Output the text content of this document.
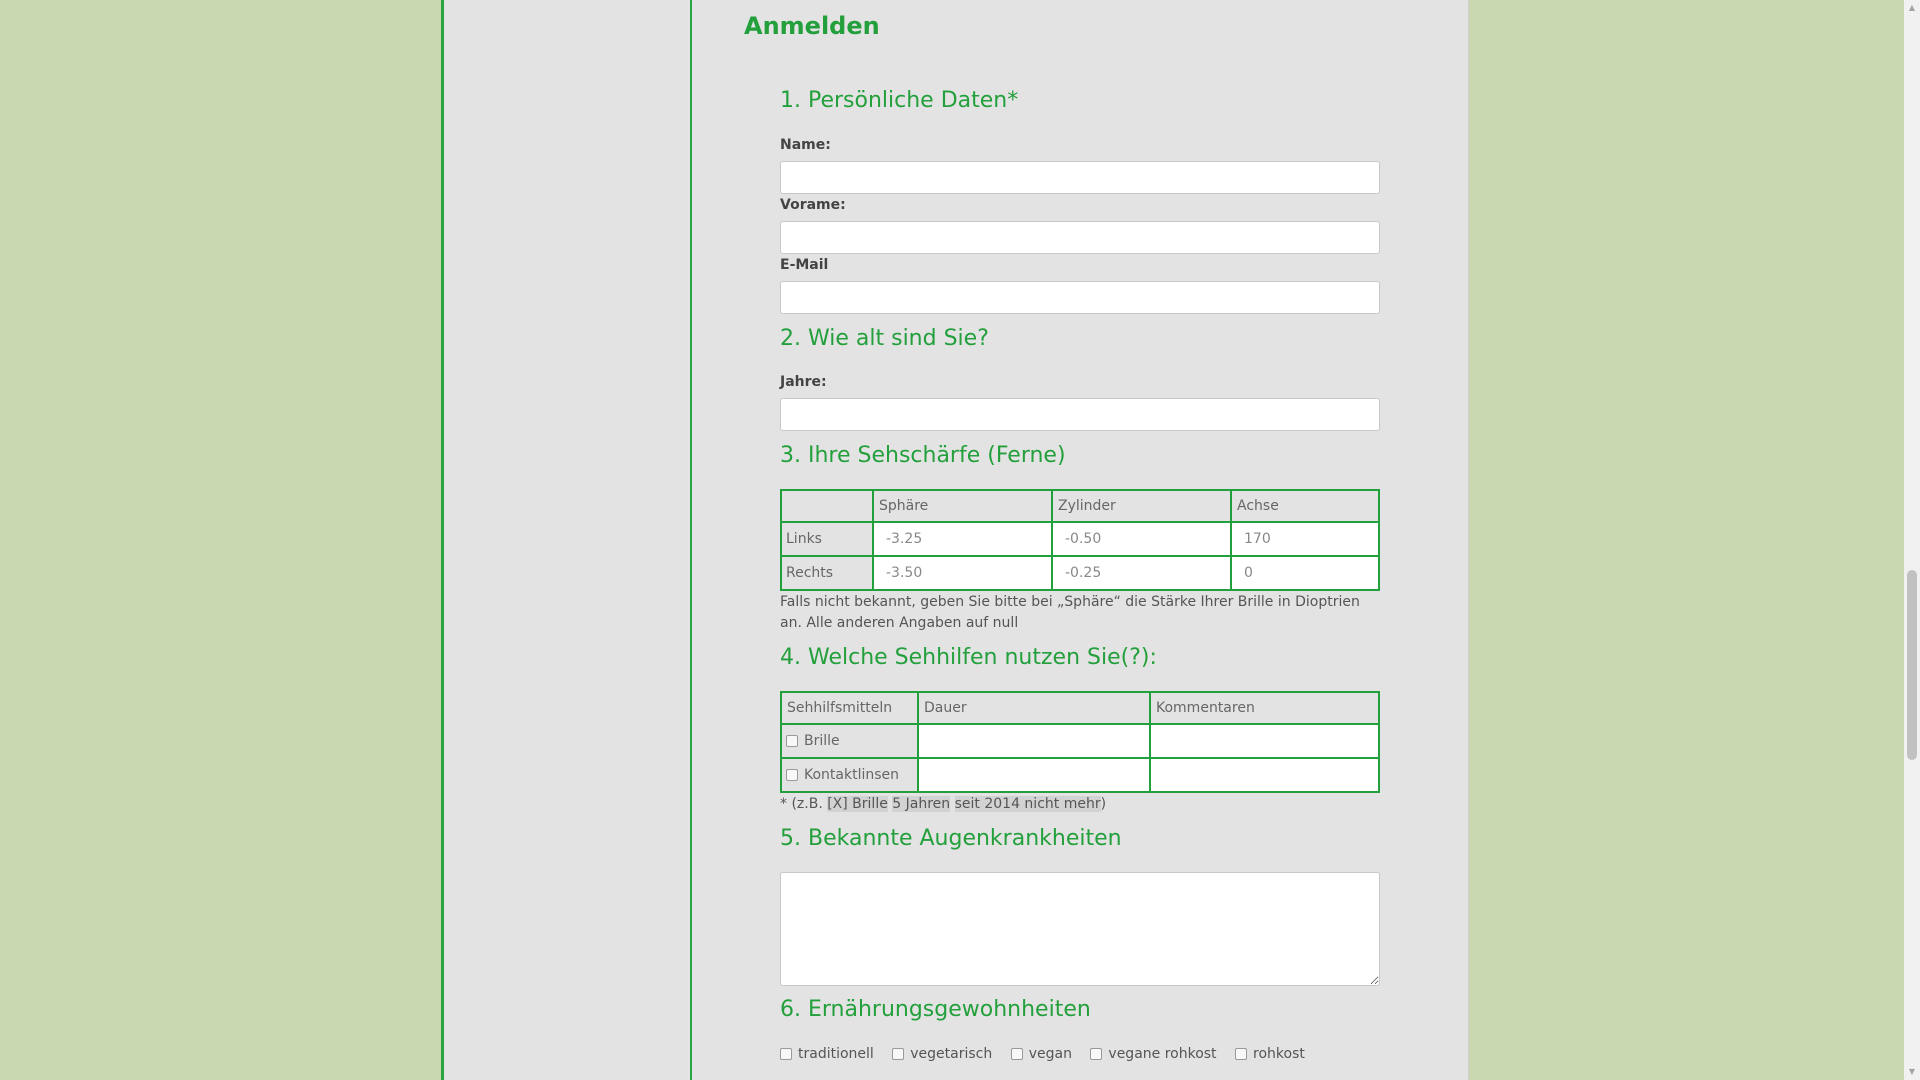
Anmelden
1. Persönliche Daten*
Name:
Vorame:
E-Mail
2. Wie alt sind Sie?
Jahre:
3. Ihre Sehschärfe (Ferne)
	Sphäre	Zylinder	Achse
Links	-3.25	-0.50	170
Rechts	-3.50	-0.25	0
Falls nicht bekannt, geben Sie bitte bei „Sphäre“ die Stärke Ihrer Brille in Dioptrien an. Alle anderen Angaben auf null
4. Welche Sehhilfen nutzen Sie(?):
Sehhilfsmitteln	Dauer	Kommentaren
Brille		
Kontaktlinsen		
* (z.B. [X] Brille 5 Jahren seit 2014 nicht mehr)
5. Bekannte Augenkrankheiten
6. Ernährungsgewohnheiten
traditionell	vegetarisch	vegan	vegane rohkost	rohkost
▲
▼
